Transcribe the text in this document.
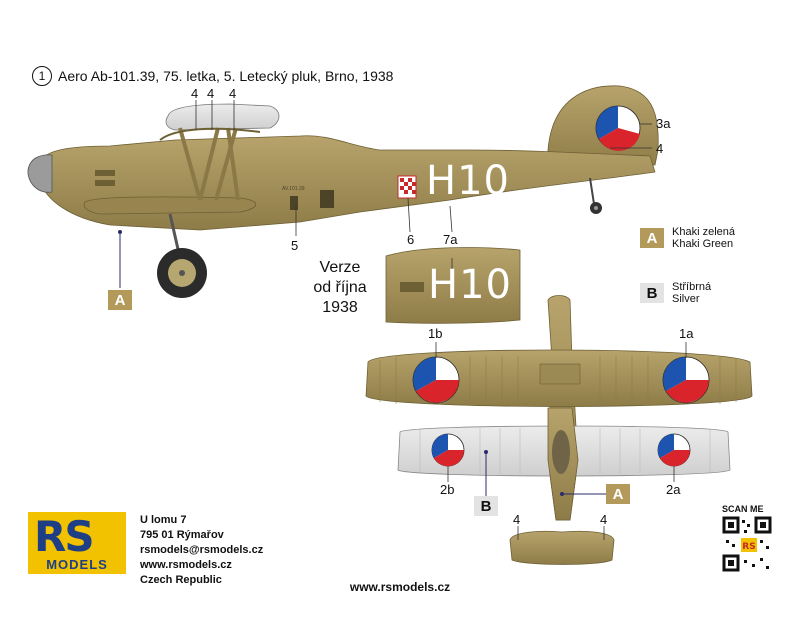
1 Aero Ab-101.39, 75. letka, 5. Letecký pluk, Brno, 1938
RS
4 4 4
3a
4
5	6 7a
H10
AV.101.39
A
Verze
od října
1938	H10
A	Khaki zelená
Khaki Green
B	Stříbrná
Silver
1b	1a
2b	2a
4	4
A
B
RS
MODELS
U lomu 7
795 01 Rýmařov
rsmodels@rsmodels.cz
www.rsmodels.cz
Czech Republic
SCAN ME
www.rsmodels.cz
